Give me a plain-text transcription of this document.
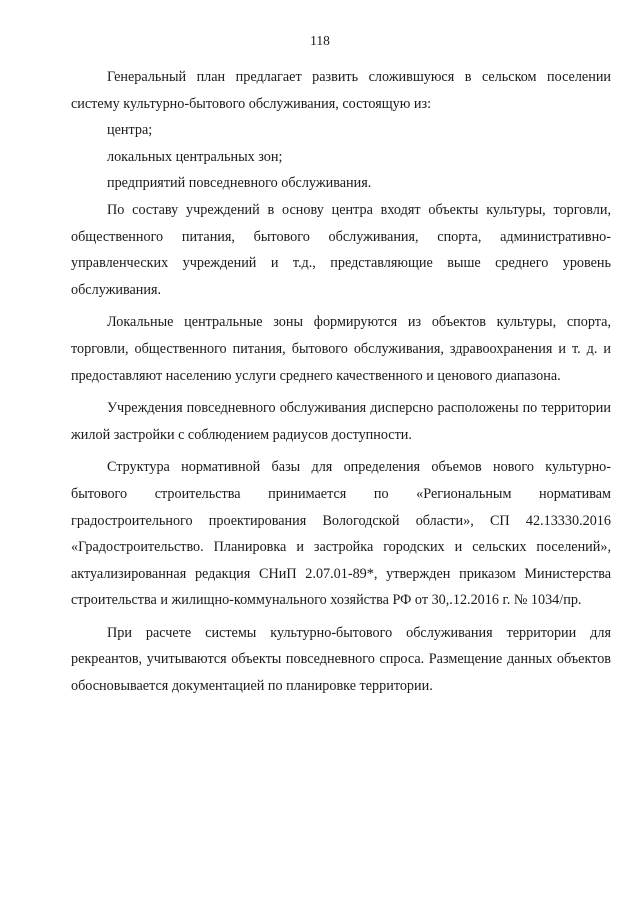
118

Генеральный план предлагает развить сложившуюся в сельском поселении систему культурно-бытового обслуживания, состоящую из:

центра;

локальных центральных зон;

предприятий повседневного обслуживания.

По составу учреждений в основу центра входят объекты культуры, торговли, общественного питания, бытового обслуживания, спорта, административно-управленческих учреждений и т.д., представляющие выше среднего уровень обслуживания.

Локальные центральные зоны формируются из объектов культуры, спорта, торговли, общественного питания, бытового обслуживания, здравоохранения и т. д. и предоставляют населению услуги среднего качественного и ценового диапазона.

Учреждения повседневного обслуживания дисперсно расположены по территории жилой застройки с соблюдением радиусов доступности.

Структура нормативной базы для определения объемов нового культурно-бытового строительства принимается по «Региональным нормативам градостроительного проектирования Вологодской области», СП 42.13330.2016 «Градостроительство. Планировка и застройка городских и сельских поселений», актуализированная редакция СНиП 2.07.01-89*, утвержден приказом Министерства строительства и жилищно-коммунального хозяйства РФ от 30,.12.2016 г. № 1034/пр.

При расчете системы культурно-бытового обслуживания территории для рекреантов, учитываются объекты повседневного спроса. Размещение данных объектов обосновывается документацией по планировке территории.
